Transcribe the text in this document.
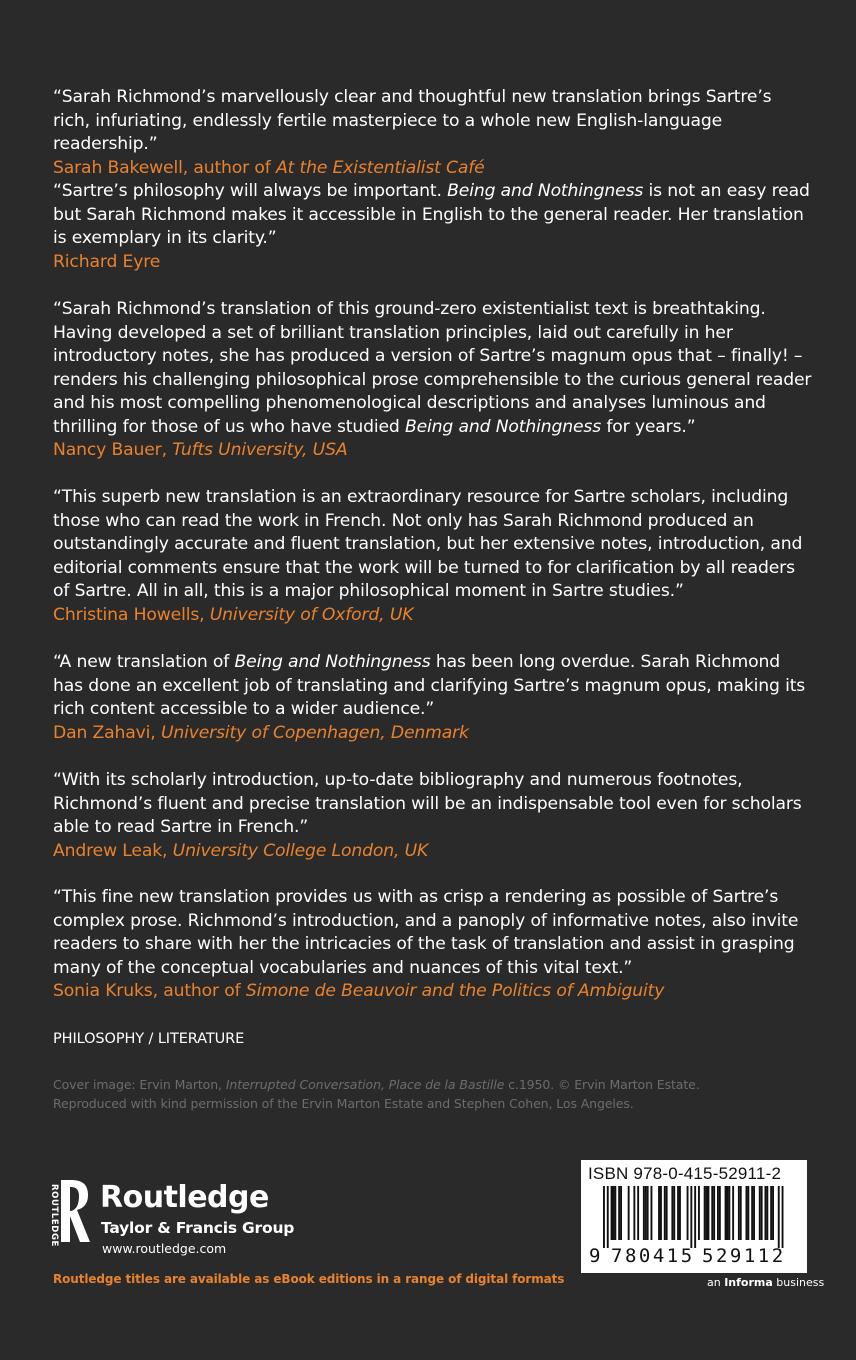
“Sarah Richmond’s marvellously clear and thoughtful new translation brings Sartre’s rich, infuriating, endlessly fertile masterpiece to a whole new English-language readership.”

Sarah Bakewell, author of At the Existentialist Café

“Sartre’s philosophy will always be important. Being and Nothingness is not an easy read but Sarah Richmond makes it accessible in English to the general reader. Her translation is exemplary in its clarity.”

Richard Eyre

“Sarah Richmond’s translation of this ground-zero existentialist text is breathtaking. Having developed a set of brilliant translation principles, laid out carefully in her introductory notes, she has produced a version of Sartre’s magnum opus that – finally! – renders his challenging philosophical prose comprehensible to the curious general reader and his most compelling phenomenological descriptions and analyses luminous and thrilling for those of us who have studied Being and Nothingness for years.”

Nancy Bauer, Tufts University, USA

“This superb new translation is an extraordinary resource for Sartre scholars, including those who can read the work in French. Not only has Sarah Richmond produced an outstandingly accurate and fluent translation, but her extensive notes, introduction, and editorial comments ensure that the work will be turned to for clarification by all readers of Sartre. All in all, this is a major philosophical moment in Sartre studies.”

Christina Howells, University of Oxford, UK

“A new translation of Being and Nothingness has been long overdue. Sarah Richmond has done an excellent job of translating and clarifying Sartre’s magnum opus, making its rich content accessible to a wider audience.”

Dan Zahavi, University of Copenhagen, Denmark

“With its scholarly introduction, up-to-date bibliography and numerous footnotes, Richmond’s fluent and precise translation will be an indispensable tool even for scholars able to read Sartre in French.”

Andrew Leak, University College London, UK

“This fine new translation provides us with as crisp a rendering as possible of Sartre’s complex prose. Richmond’s introduction, and a panoply of informative notes, also invite readers to share with her the intricacies of the task of translation and assist in grasping many of the conceptual vocabularies and nuances of this vital text.”

Sonia Kruks, author of Simone de Beauvoir and the Politics of Ambiguity

PHILOSOPHY / LITERATURE
Cover image: Ervin Marton, Interrupted Conversation, Place de la Bastille c.1950. © Ervin Marton Estate.
Reproduced with kind permission of the Ervin Marton Estate and Stephen Cohen, Los Angeles.
ROUTLEDGE Routledge
Taylor & Francis Group
www.routledge.com
Routledge titles are available as eBook editions in a range of digital formats
ISBN 978-0-415-52911-2
9 780415 529112
an Informa business
